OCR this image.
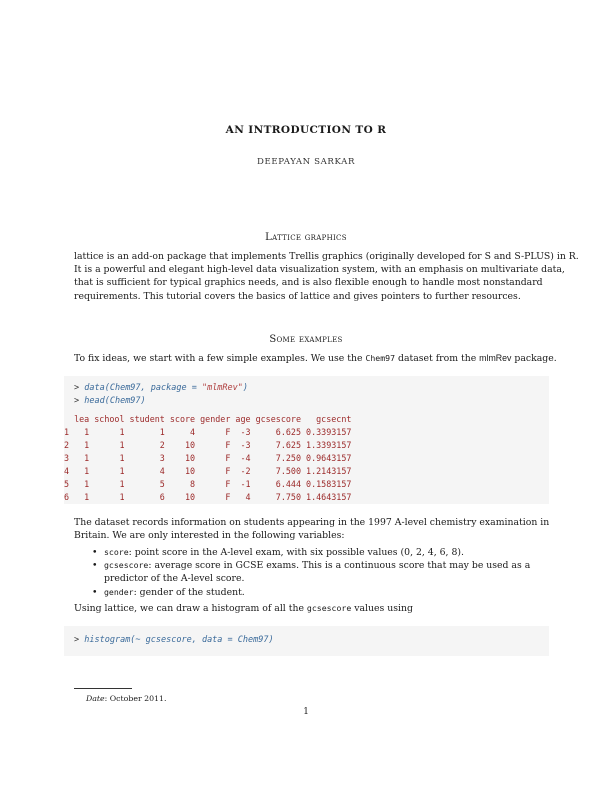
AN INTRODUCTION TO R
DEEPAYAN SARKAR
Lattice graphics
lattice is an add-on package that implements Trellis graphics (originally developed for S and S-PLUS) in R.
It is a powerful and elegant high-level data visualization system, with an emphasis on multivariate data,
that is sufficient for typical graphics needs, and is also flexible enough to handle most nonstandard
requirements. This tutorial covers the basics of lattice and gives pointers to further resources.
Some examples
To fix ideas, we start with a few simple examples. We use the Chem97 dataset from the mlmRev package.
> data(Chem97, package = "mlmRev")
> head(Chem97)
lea school student score gender age gcsescore   gcsecnt
1   1      1       1     4      F  -3     6.625 0.3393157
2   1      1       2    10      F  -3     7.625 1.3393157
3   1      1       3    10      F  -4     7.250 0.9643157
4   1      1       4    10      F  -2     7.500 1.2143157
5   1      1       5     8      F  -1     6.444 0.1583157
6   1      1       6    10      F   4     7.750 1.4643157
The dataset records information on students appearing in the 1997 A-level chemistry examination in
Britain. We are only interested in the following variables:
• score: point score in the A-level exam, with six possible values (0, 2, 4, 6, 8).
• gcsescore: average score in GCSE exams. This is a continuous score that may be used as a
predictor of the A-level score.
• gender: gender of the student.
Using lattice, we can draw a histogram of all the gcsescore values using
> histogram(~ gcsescore, data = Chem97)
Date: October 2011.
1
